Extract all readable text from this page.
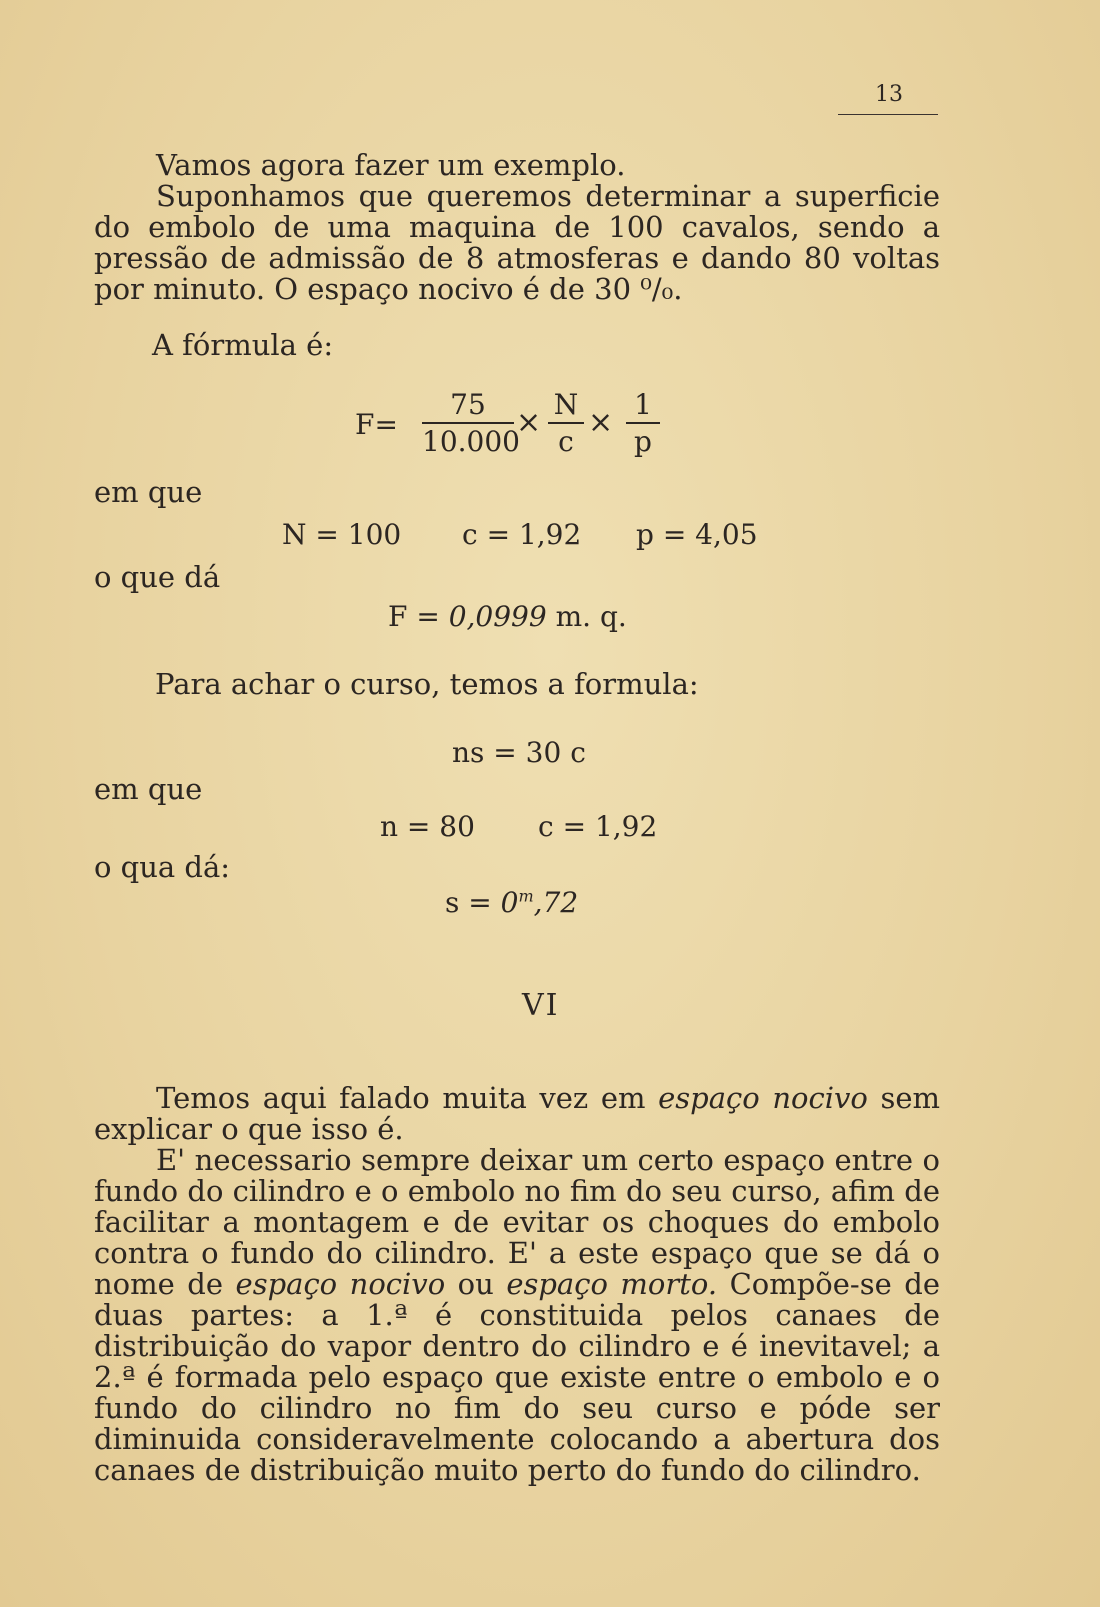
13

Vamos agora fazer um exemplo.

Suponhamos que queremos determinar a superficie do embolo de uma maquina de 100 cavalos, sendo a pressão de admissão de 8 atmosferas e dando 80 voltas por minuto. O espaço nocivo é de 30 ⁰/₀.

A fórmula é:
$F= \frac{75}{10.000} \times \frac{N}{c} \times \frac{1}{p}$
em que
N = 100 c = 1,92 p = 4,05
o que dá
F = 0,0999 m. q.
Para achar o curso, temos a formula:
ns = 30 c
em que
n = 80 c = 1,92
o qua dá:
$s = 0^m,72$
VI

Temos aqui falado muita vez em espaço nocivo sem explicar o que isso é.

E' necessario sempre deixar um certo espaço entre o fundo do cilindro e o embolo no fim do seu curso, afim de facilitar a montagem e de evitar os choques do embolo contra o fundo do cilindro. E' a este espaço que se dá o nome de espaço nocivo ou espaço morto. Compõe-se de duas partes: a 1.ª é constituida pelos canaes de distribuição do vapor dentro do cilindro e é inevitavel; a 2.ª é formada pelo espaço que existe entre o embolo e o fundo do cilindro no fim do seu curso e póde ser diminuida consideravelmente colocando a abertura dos canaes de distribuição muito perto do fundo do cilindro.
